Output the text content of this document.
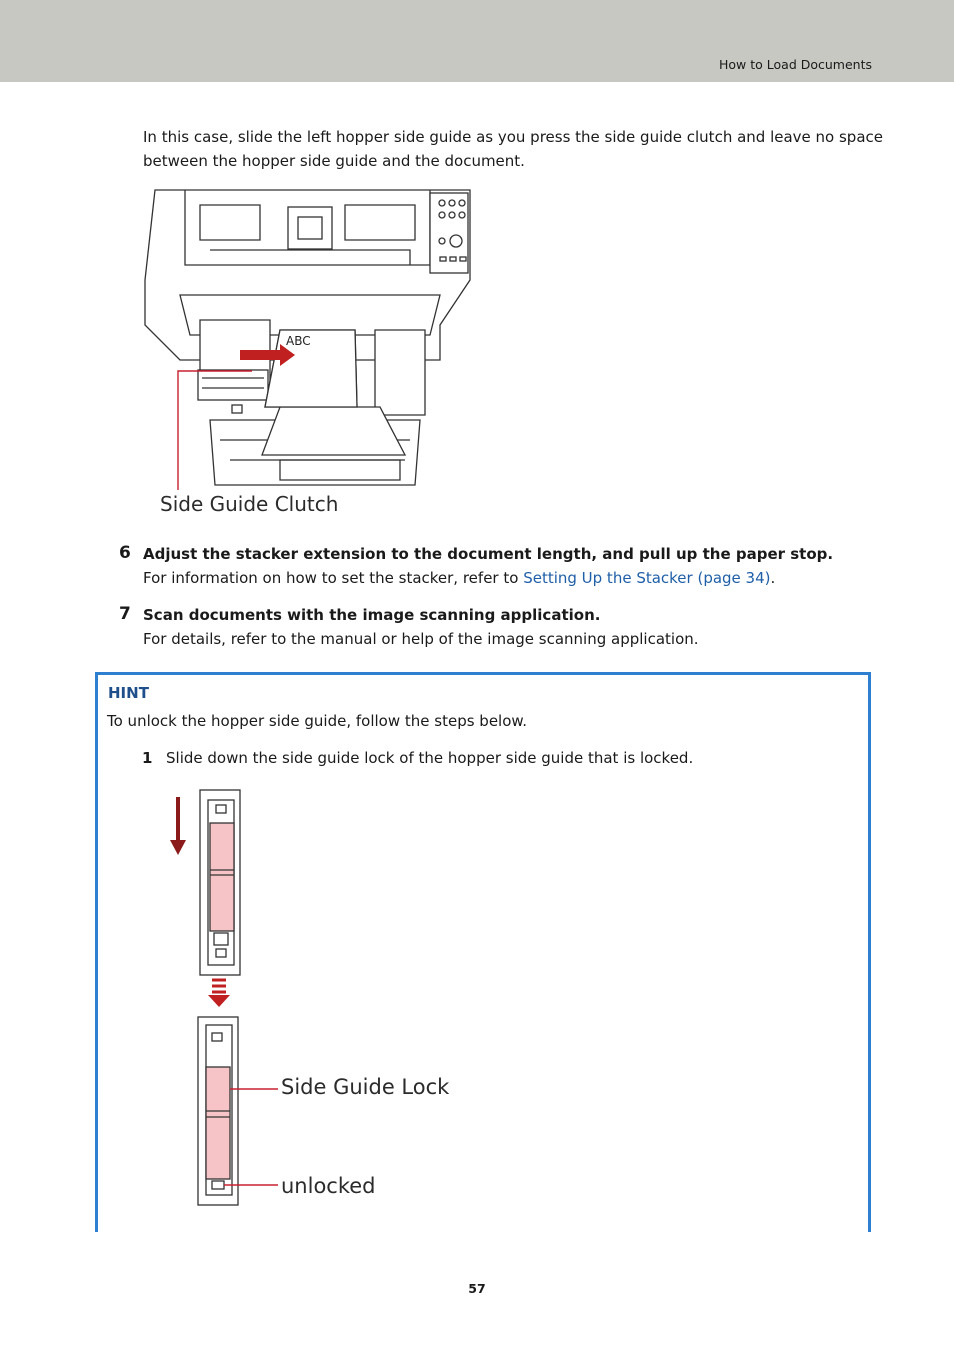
How to Load Documents
In this case, slide the left hopper side guide as you press the side guide clutch and leave no space
between the hopper side guide and the document.
ABC
Side Guide Clutch
6 Adjust the stacker extension to the document length, and pull up the paper stop.
For information on how to set the stacker, refer to Setting Up the Stacker (page 34).
7 Scan documents with the image scanning application.
For details, refer to the manual or help of the image scanning application.
HINT
To unlock the hopper side guide, follow the steps below.
1 Slide down the side guide lock of the hopper side guide that is locked.
Side Guide Lock
unlocked
57
